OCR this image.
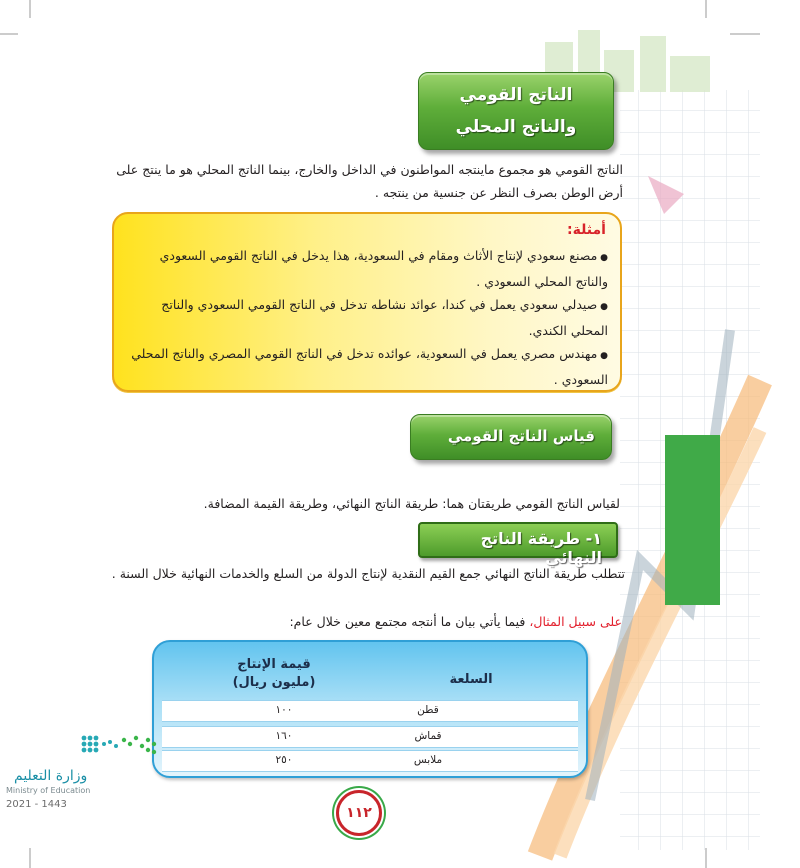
الناتج القومي
والناتج المحلي
الناتج القومي هو مجموع ماينتجه المواطنون في الداخل والخارج، بينما الناتج المحلي هو ما ينتج على أرض الوطن بصرف النظر عن جنسية من ينتجه .
أمثلة:

● مصنع سعودي لإنتاج الأثاث ومقام في السعودية، هذا يدخل في الناتج القومي السعودي والناتج المحلي السعودي .

● صيدلي سعودي يعمل في كندا، عوائد نشاطه تدخل في الناتج القومي السعودي والناتج المحلي الكندي.

● مهندس مصري يعمل في السعودية، عوائده تدخل في الناتج القومي المصري والناتج المحلي السعودي .

قياس الناتج القومي
لقياس الناتج القومي طريقتان هما: طريقة الناتج النهائي، وطريقة القيمة المضافة.
١- طريقة الناتج النهائي
تتطلب طريقة الناتج النهائي جمع القيم النقدية لإنتاج الدولة من السلع والخدمات النهائية خلال السنة .
على سبيل المثال، فيما يأتي بيان ما أنتجه مجتمع معين خلال عام:
السلعة
قيمة الإنتاج
(مليون ريال)
قطن
١٠٠
قماش
١٦٠
ملابس
٢٥٠
وزارة التعليم
Ministry of Education
2021 - 1443
١١٢
